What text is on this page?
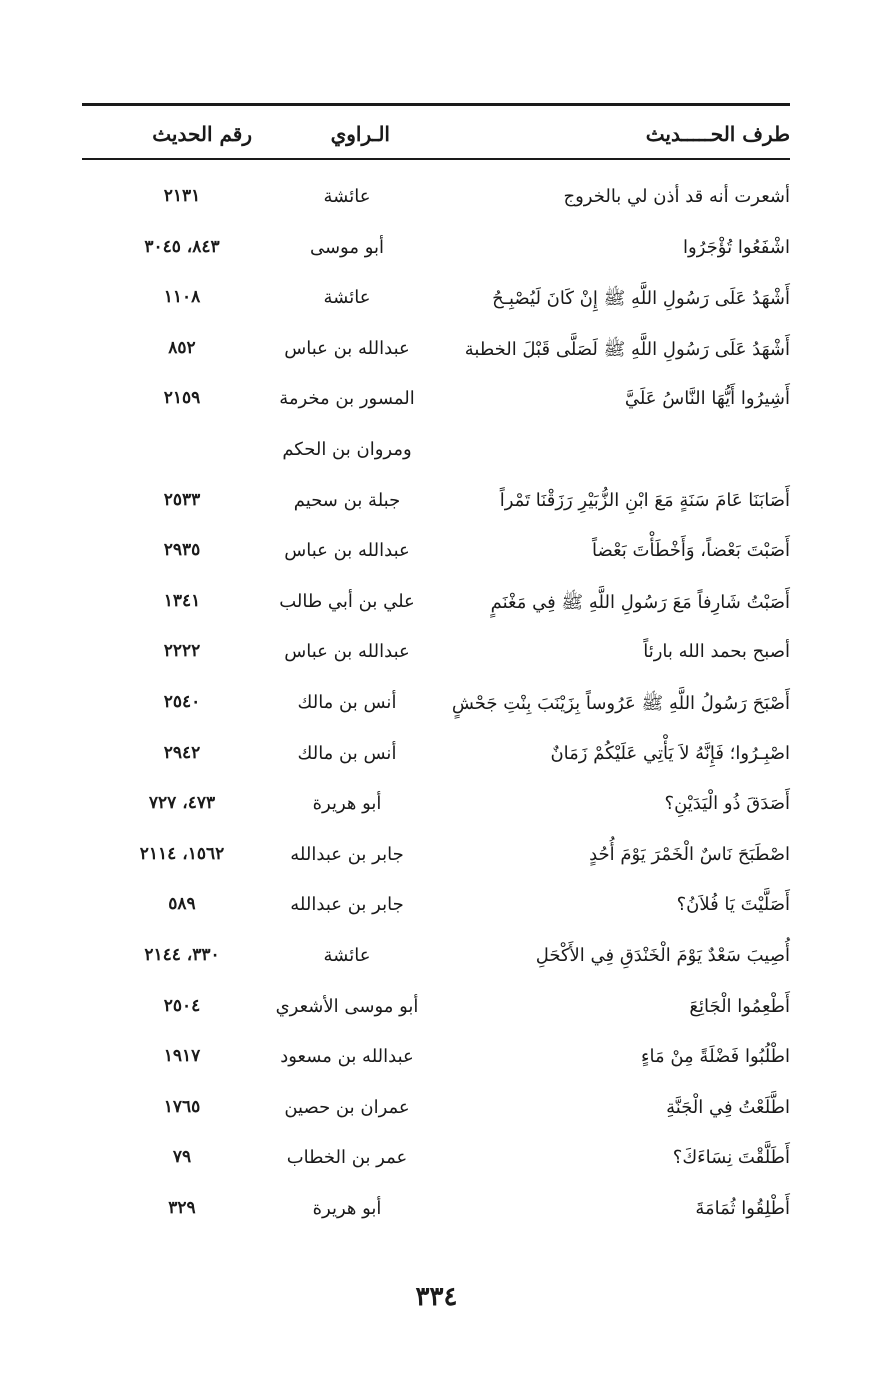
طرف الحـــــديث
الـراوي
رقم الحديث
أشعرت أنه قد أذن لي بالخروج
عائشة
٢١٣١
اشْفَعُوا تُؤْجَرُوا
أبو موسى
٨٤٣، ٣٠٤٥
أَشْهَدُ عَلَى رَسُولِ اللَّهِ ﷺ إِنْ كَانَ لَيُصْبِـحُ
عائشة
١١٠٨
أَشْهَدُ عَلَى رَسُولِ اللَّهِ ﷺ لَصَلَّى قَبْلَ الخطبة
عبدالله بن عباس
٨٥٢
أَشِيرُوا أَيُّهَا النَّاسُ عَلَيَّ
المسور بن مخرمة
٢١٥٩
ومروان بن الحكم
أَصَابَنَا عَامَ سَنَةٍ مَعَ ابْنِ الزُّبَيْرِ رَزَقْنَا تَمْراً
جبلة بن سحيم
٢٥٣٣
أَصَبْتَ بَعْضاً، وَأَخْطَأْتَ بَعْضاً
عبدالله بن عباس
٢٩٣٥
أَصَبْتُ شَارِفاً مَعَ رَسُولِ اللَّهِ ﷺ فِي مَغْنَمٍ
علي بن أبي طالب
١٣٤١
أصبح بحمد الله بارئاً
عبدالله بن عباس
٢٢٢٢
أَصْبَحَ رَسُولُ اللَّهِ ﷺ عَرُوساً بِزَيْنَبَ بِنْتِ جَحْشٍ
أنس بن مالك
٢٥٤٠
اصْبِـرُوا؛ فَإِنَّهُ لاَ يَأْتِي عَلَيْكُمْ زَمَانٌ
أنس بن مالك
٢٩٤٢
أَصَدَقَ ذُو الْيَدَيْنِ؟
أبو هريرة
٤٧٣، ٧٢٧
اصْطَبَحَ نَاسٌ الْخَمْرَ يَوْمَ أُحُدٍ
جابر بن عبدالله
١٥٦٢، ٢١١٤
أَصَلَّيْتَ يَا فُلاَنُ؟
جابر بن عبدالله
٥٨٩
أُصِيبَ سَعْدٌ يَوْمَ الْخَنْدَقِ فِي الأَكْحَلِ
عائشة
٣٣٠، ٢١٤٤
أَطْعِمُوا الْجَائِعَ
أبو موسى الأشعري
٢٥٠٤
اطْلُبُوا فَضْلَةً مِنْ مَاءٍ
عبدالله بن مسعود
١٩١٧
اطَّلَعْتُ فِي الْجَنَّةِ
عمران بن حصين
١٧٦٥
أَطَلَّقْتَ نِسَاءَكَ؟
عمر بن الخطاب
٧٩
أَطْلِقُوا ثُمَامَةَ
أبو هريرة
٣٢٩
٣٣٤
